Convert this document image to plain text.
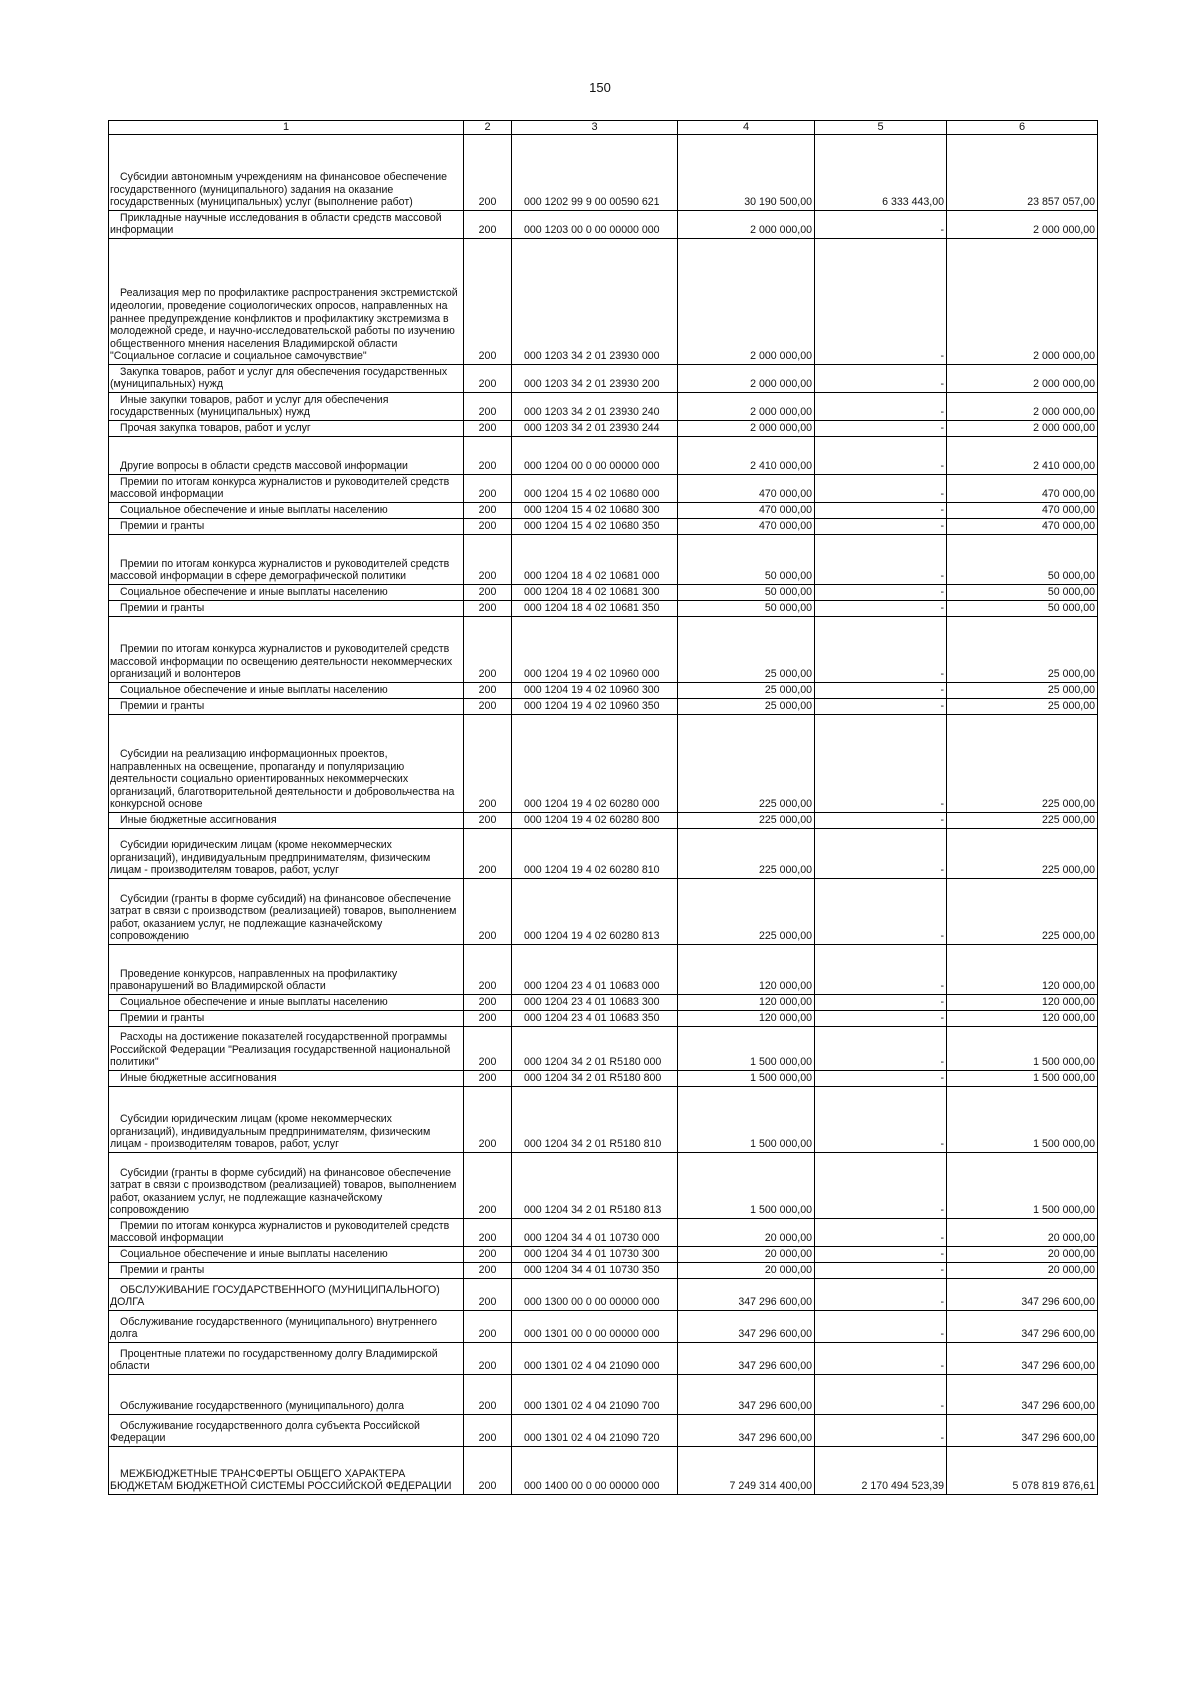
150
1	2	3	4	5	6

Субсидии автономным учреждениям на финансовое обеспечение государственного (муниципального) задания на оказание государственных (муниципальных) услуг (выполнение работ)	200	000 1202 99 9 00 00590 621	30 190 500,00	6 333 443,00	23 857 057,00

Прикладные научные исследования в области средств массовой информации	200	000 1203 00 0 00 00000 000	2 000 000,00	-	2 000 000,00

Реализация мер по профилактике распространения экстремистской идеологии, проведение социологических опросов, направленных на раннее предупреждение конфликтов и профилактику экстремизма в молодежной среде, и научно-исследовательской работы по изучению общественного мнения населения Владимирской области "Социальное согласие и социальное самочувствие"	200	000 1203 34 2 01 23930 000	2 000 000,00	-	2 000 000,00

Закупка товаров, работ и услуг для обеспечения государственных (муниципальных) нужд	200	000 1203 34 2 01 23930 200	2 000 000,00	-	2 000 000,00

Иные закупки товаров, работ и услуг для обеспечения государственных (муниципальных) нужд	200	000 1203 34 2 01 23930 240	2 000 000,00	-	2 000 000,00

Прочая закупка товаров, работ и услуг	200	000 1203 34 2 01 23930 244	2 000 000,00	-	2 000 000,00

Другие вопросы в области средств массовой информации	200	000 1204 00 0 00 00000 000	2 410 000,00	-	2 410 000,00

Премии по итогам конкурса журналистов и руководителей средств массовой информации	200	000 1204 15 4 02 10680 000	470 000,00	-	470 000,00

Социальное обеспечение и иные выплаты населению	200	000 1204 15 4 02 10680 300	470 000,00	-	470 000,00

Премии и гранты	200	000 1204 15 4 02 10680 350	470 000,00	-	470 000,00

Премии по итогам конкурса журналистов и руководителей средств массовой информации в сфере демографической политики	200	000 1204 18 4 02 10681 000	50 000,00	-	50 000,00

Социальное обеспечение и иные выплаты населению	200	000 1204 18 4 02 10681 300	50 000,00	-	50 000,00

Премии и гранты	200	000 1204 18 4 02 10681 350	50 000,00	-	50 000,00

Премии по итогам конкурса журналистов и руководителей средств массовой информации по освещению деятельности некоммерческих организаций и волонтеров	200	000 1204 19 4 02 10960 000	25 000,00	-	25 000,00

Социальное обеспечение и иные выплаты населению	200	000 1204 19 4 02 10960 300	25 000,00	-	25 000,00

Премии и гранты	200	000 1204 19 4 02 10960 350	25 000,00	-	25 000,00

Субсидии на реализацию информационных проектов, направленных на освещение, пропаганду и популяризацию деятельности социально ориентированных некоммерческих организаций, благотворительной деятельности и добровольчества на конкурсной основе	200	000 1204 19 4 02 60280 000	225 000,00	-	225 000,00

Иные бюджетные ассигнования	200	000 1204 19 4 02 60280 800	225 000,00	-	225 000,00

Субсидии юридическим лицам (кроме некоммерческих организаций), индивидуальным предпринимателям, физическим лицам - производителям товаров, работ, услуг	200	000 1204 19 4 02 60280 810	225 000,00	-	225 000,00

Субсидии (гранты в форме субсидий) на финансовое обеспечение затрат в связи с производством (реализацией) товаров, выполнением работ, оказанием услуг, не подлежащие казначейскому сопровождению	200	000 1204 19 4 02 60280 813	225 000,00	-	225 000,00

Проведение конкурсов, направленных на профилактику правонарушений во Владимирской области	200	000 1204 23 4 01 10683 000	120 000,00	-	120 000,00

Социальное обеспечение и иные выплаты населению	200	000 1204 23 4 01 10683 300	120 000,00	-	120 000,00

Премии и гранты	200	000 1204 23 4 01 10683 350	120 000,00	-	120 000,00

Расходы на достижение показателей государственной программы Российской Федерации "Реализация государственной национальной политики"	200	000 1204 34 2 01 R5180 000	1 500 000,00	-	1 500 000,00

Иные бюджетные ассигнования	200	000 1204 34 2 01 R5180 800	1 500 000,00	-	1 500 000,00

Субсидии юридическим лицам (кроме некоммерческих организаций), индивидуальным предпринимателям, физическим лицам - производителям товаров, работ, услуг	200	000 1204 34 2 01 R5180 810	1 500 000,00	-	1 500 000,00

Субсидии (гранты в форме субсидий) на финансовое обеспечение затрат в связи с производством (реализацией) товаров, выполнением работ, оказанием услуг, не подлежащие казначейскому сопровождению	200	000 1204 34 2 01 R5180 813	1 500 000,00	-	1 500 000,00

Премии по итогам конкурса журналистов и руководителей средств массовой информации	200	000 1204 34 4 01 10730 000	20 000,00	-	20 000,00

Социальное обеспечение и иные выплаты населению	200	000 1204 34 4 01 10730 300	20 000,00	-	20 000,00

Премии и гранты	200	000 1204 34 4 01 10730 350	20 000,00	-	20 000,00

ОБСЛУЖИВАНИЕ ГОСУДАРСТВЕННОГО (МУНИЦИПАЛЬНОГО) ДОЛГА	200	000 1300 00 0 00 00000 000	347 296 600,00	-	347 296 600,00

Обслуживание государственного (муниципального) внутреннего долга	200	000 1301 00 0 00 00000 000	347 296 600,00	-	347 296 600,00

Процентные платежи по государственному долгу Владимирской области	200	000 1301 02 4 04 21090 000	347 296 600,00	-	347 296 600,00

Обслуживание государственного (муниципального) долга	200	000 1301 02 4 04 21090 700	347 296 600,00	-	347 296 600,00

Обслуживание государственного долга субъекта Российской Федерации	200	000 1301 02 4 04 21090 720	347 296 600,00	-	347 296 600,00

МЕЖБЮДЖЕТНЫЕ ТРАНСФЕРТЫ ОБЩЕГО ХАРАКТЕРА БЮДЖЕТАМ БЮДЖЕТНОЙ СИСТЕМЫ РОССИЙСКОЙ ФЕДЕРАЦИИ	200	000 1400 00 0 00 00000 000	7 249 314 400,00	2 170 494 523,39	5 078 819 876,61
